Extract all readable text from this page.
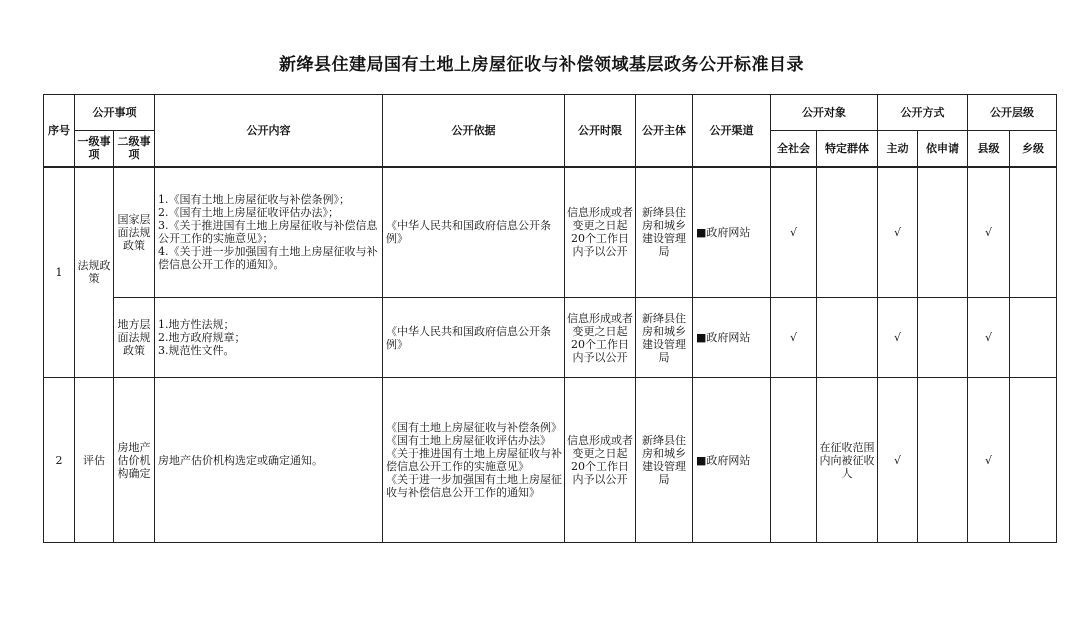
新绛县住建局国有土地上房屋征收与补偿领域基层政务公开标准目录
序号	公开事项		公开内容	公开依据	公开时限	公开主体	公开渠道	公开对象		公开方式		公开层级	
	一级事项	二级事项						全社会	特定群体	主动	依申请	县级	乡级
1	法规政策	国家层面法规政策	1.《国有土地上房屋征收与补偿条例》；
2.《国有土地上房屋征收评估办法》；
3.《关于推进国有土地上房屋征收与补偿信息公开工作的实施意见》；
4.《关于进一步加强国有土地上房屋征收与补偿信息公开工作的通知》。	《中华人民共和国政府信息公开条例》	信息形成或者变更之日起20个工作日内予以公开	新绛县住房和城乡建设管理局	■政府网站	√		√		√	
		地方层面法规政策	1.地方性法规；
2.地方政府规章；
3.规范性文件。	《中华人民共和国政府信息公开条例》	信息形成或者变更之日起20个工作日内予以公开	新绛县住房和城乡建设管理局	■政府网站	√		√		√	
2	评估	房地产估价机构确定	房地产估价机构选定或确定通知。	《国有土地上房屋征收与补偿条例》
《国有土地上房屋征收评估办法》
《关于推进国有土地上房屋征收与补偿信息公开工作的实施意见》
《关于进一步加强国有土地上房屋征收与补偿信息公开工作的通知》	信息形成或者变更之日起20个工作日内予以公开	新绛县住房和城乡建设管理局	■政府网站		在征收范围内向被征收人	√		√	
